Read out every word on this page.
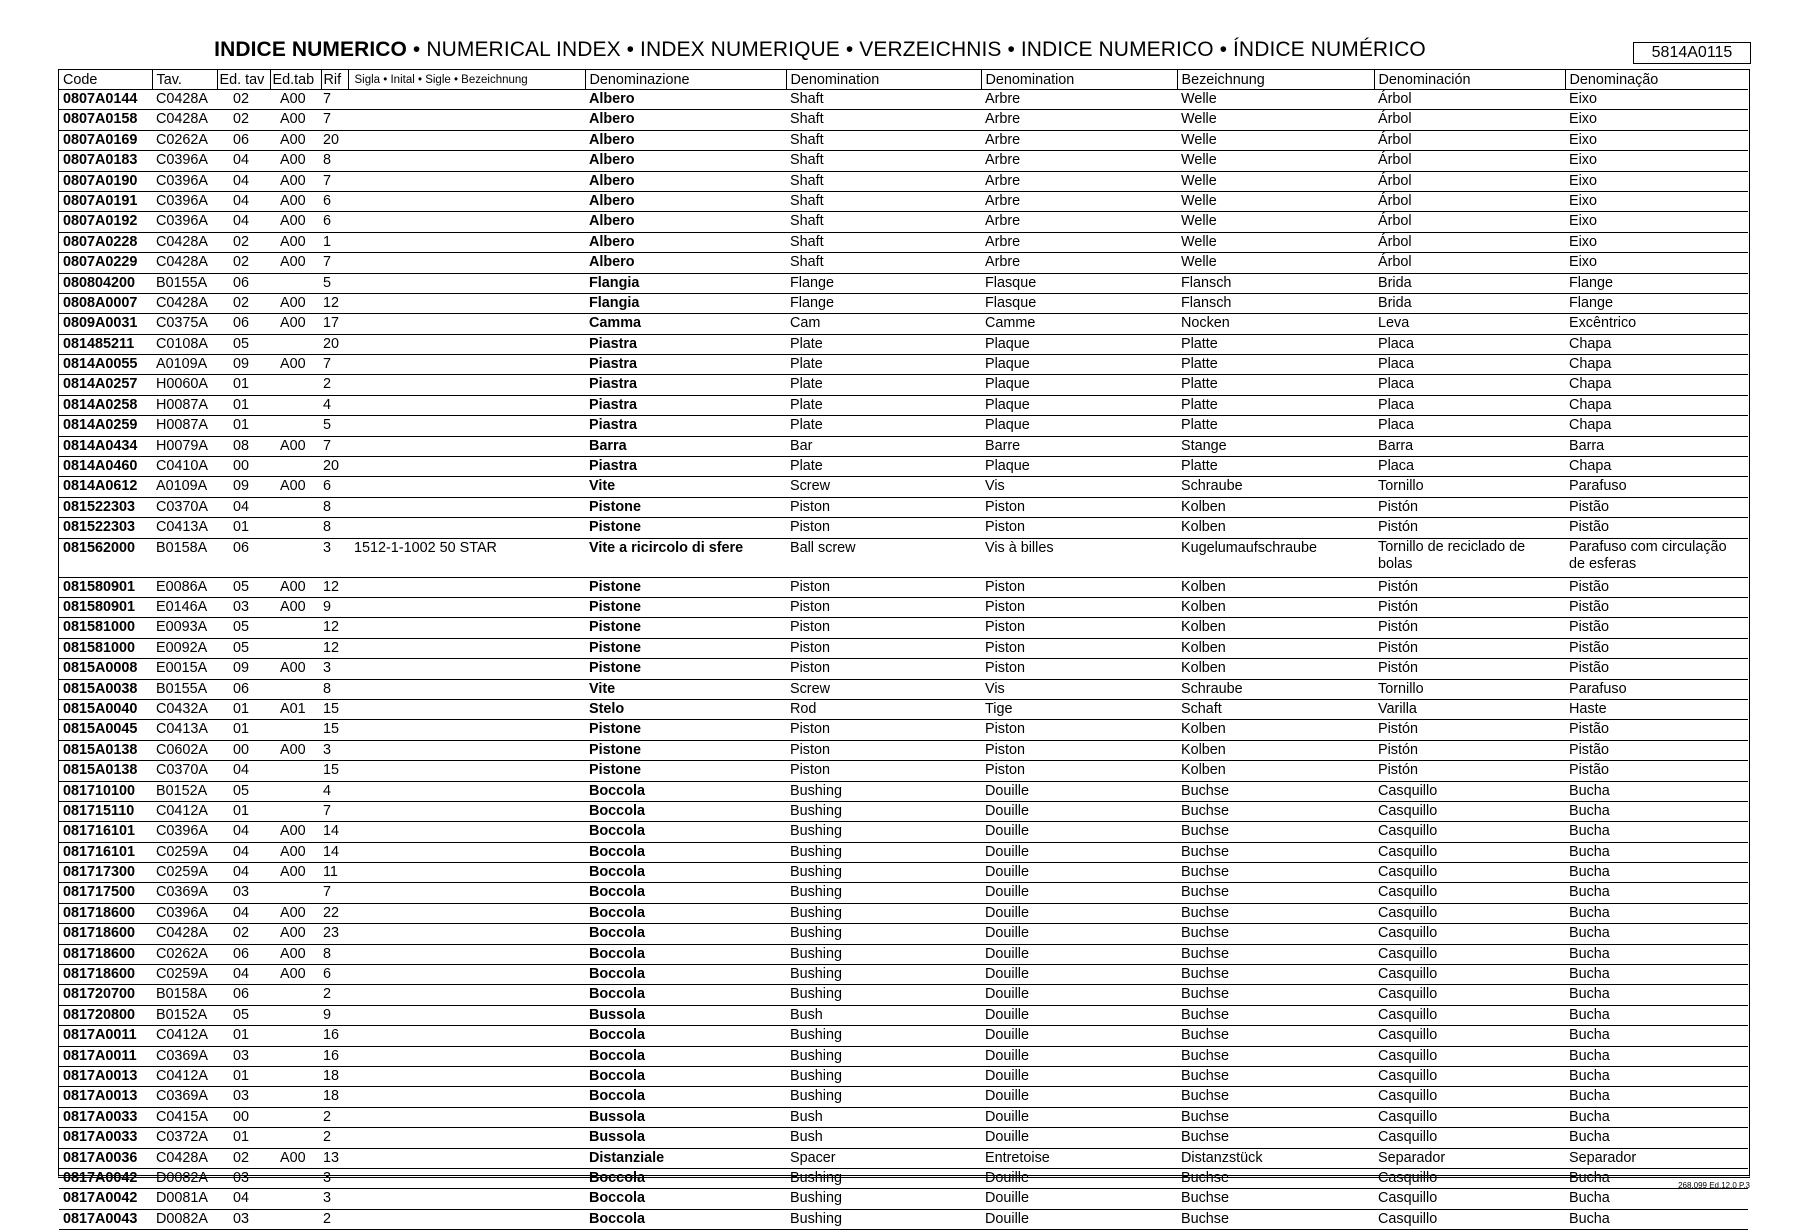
INDICE NUMERICO • NUMERICAL INDEX • INDEX NUMERIQUE • VERZEICHNIS • INDICE NUMERICO • ÍNDICE NUMÉRICO	5814A0115
Code	Tav.	Ed. tav	Ed.tab	Rif	Sigla • Inital • Sigle • Bezeichnung	Denominazione	Denomination	Denomination	Bezeichnung	Denominación	Denominação
0807A0144	C0428A	02	A00	7		Albero	Shaft	Arbre	Welle	Árbol	Eixo
0807A0158	C0428A	02	A00	7		Albero	Shaft	Arbre	Welle	Árbol	Eixo
0807A0169	C0262A	06	A00	20		Albero	Shaft	Arbre	Welle	Árbol	Eixo
0807A0183	C0396A	04	A00	8		Albero	Shaft	Arbre	Welle	Árbol	Eixo
0807A0190	C0396A	04	A00	7		Albero	Shaft	Arbre	Welle	Árbol	Eixo
0807A0191	C0396A	04	A00	6		Albero	Shaft	Arbre	Welle	Árbol	Eixo
0807A0192	C0396A	04	A00	6		Albero	Shaft	Arbre	Welle	Árbol	Eixo
0807A0228	C0428A	02	A00	1		Albero	Shaft	Arbre	Welle	Árbol	Eixo
0807A0229	C0428A	02	A00	7		Albero	Shaft	Arbre	Welle	Árbol	Eixo
080804200	B0155A	06		5		Flangia	Flange	Flasque	Flansch	Brida	Flange
0808A0007	C0428A	02	A00	12		Flangia	Flange	Flasque	Flansch	Brida	Flange
0809A0031	C0375A	06	A00	17		Camma	Cam	Camme	Nocken	Leva	Excêntrico
081485211	C0108A	05		20		Piastra	Plate	Plaque	Platte	Placa	Chapa
0814A0055	A0109A	09	A00	7		Piastra	Plate	Plaque	Platte	Placa	Chapa
0814A0257	H0060A	01		2		Piastra	Plate	Plaque	Platte	Placa	Chapa
0814A0258	H0087A	01		4		Piastra	Plate	Plaque	Platte	Placa	Chapa
0814A0259	H0087A	01		5		Piastra	Plate	Plaque	Platte	Placa	Chapa
0814A0434	H0079A	08	A00	7		Barra	Bar	Barre	Stange	Barra	Barra
0814A0460	C0410A	00		20		Piastra	Plate	Plaque	Platte	Placa	Chapa
0814A0612	A0109A	09	A00	6		Vite	Screw	Vis	Schraube	Tornillo	Parafuso
081522303	C0370A	04		8		Pistone	Piston	Piston	Kolben	Pistón	Pistão
081522303	C0413A	01		8		Pistone	Piston	Piston	Kolben	Pistón	Pistão
081562000	B0158A	06		3	1512-1-1002 50 STAR	Vite a ricircolo di sfere	Ball screw	Vis à billes	Kugelumaufschraube	Tornillo de reciclado de bolas	Parafuso com circulação de esferas
081580901	E0086A	05	A00	12		Pistone	Piston	Piston	Kolben	Pistón	Pistão
081580901	E0146A	03	A00	9		Pistone	Piston	Piston	Kolben	Pistón	Pistão
081581000	E0093A	05		12		Pistone	Piston	Piston	Kolben	Pistón	Pistão
081581000	E0092A	05		12		Pistone	Piston	Piston	Kolben	Pistón	Pistão
0815A0008	E0015A	09	A00	3		Pistone	Piston	Piston	Kolben	Pistón	Pistão
0815A0038	B0155A	06		8		Vite	Screw	Vis	Schraube	Tornillo	Parafuso
0815A0040	C0432A	01	A01	15		Stelo	Rod	Tige	Schaft	Varilla	Haste
0815A0045	C0413A	01		15		Pistone	Piston	Piston	Kolben	Pistón	Pistão
0815A0138	C0602A	00	A00	3		Pistone	Piston	Piston	Kolben	Pistón	Pistão
0815A0138	C0370A	04		15		Pistone	Piston	Piston	Kolben	Pistón	Pistão
081710100	B0152A	05		4		Boccola	Bushing	Douille	Buchse	Casquillo	Bucha
081715110	C0412A	01		7		Boccola	Bushing	Douille	Buchse	Casquillo	Bucha
081716101	C0396A	04	A00	14		Boccola	Bushing	Douille	Buchse	Casquillo	Bucha
081716101	C0259A	04	A00	14		Boccola	Bushing	Douille	Buchse	Casquillo	Bucha
081717300	C0259A	04	A00	11		Boccola	Bushing	Douille	Buchse	Casquillo	Bucha
081717500	C0369A	03		7		Boccola	Bushing	Douille	Buchse	Casquillo	Bucha
081718600	C0396A	04	A00	22		Boccola	Bushing	Douille	Buchse	Casquillo	Bucha
081718600	C0428A	02	A00	23		Boccola	Bushing	Douille	Buchse	Casquillo	Bucha
081718600	C0262A	06	A00	8		Boccola	Bushing	Douille	Buchse	Casquillo	Bucha
081718600	C0259A	04	A00	6		Boccola	Bushing	Douille	Buchse	Casquillo	Bucha
081720700	B0158A	06		2		Boccola	Bushing	Douille	Buchse	Casquillo	Bucha
081720800	B0152A	05		9		Bussola	Bush	Douille	Buchse	Casquillo	Bucha
0817A0011	C0412A	01		16		Boccola	Bushing	Douille	Buchse	Casquillo	Bucha
0817A0011	C0369A	03		16		Boccola	Bushing	Douille	Buchse	Casquillo	Bucha
0817A0013	C0412A	01		18		Boccola	Bushing	Douille	Buchse	Casquillo	Bucha
0817A0013	C0369A	03		18		Boccola	Bushing	Douille	Buchse	Casquillo	Bucha
0817A0033	C0415A	00		2		Bussola	Bush	Douille	Buchse	Casquillo	Bucha
0817A0033	C0372A	01		2		Bussola	Bush	Douille	Buchse	Casquillo	Bucha
0817A0036	C0428A	02	A00	13		Distanziale	Spacer	Entretoise	Distanzstück	Separador	Separador
0817A0042	D0082A	03		3		Boccola	Bushing	Douille	Buchse	Casquillo	Bucha
0817A0042	D0081A	04		3		Boccola	Bushing	Douille	Buchse	Casquillo	Bucha
0817A0043	D0082A	03		2		Boccola	Bushing	Douille	Buchse	Casquillo	Bucha
268.099 Ed.12.0 P.3
